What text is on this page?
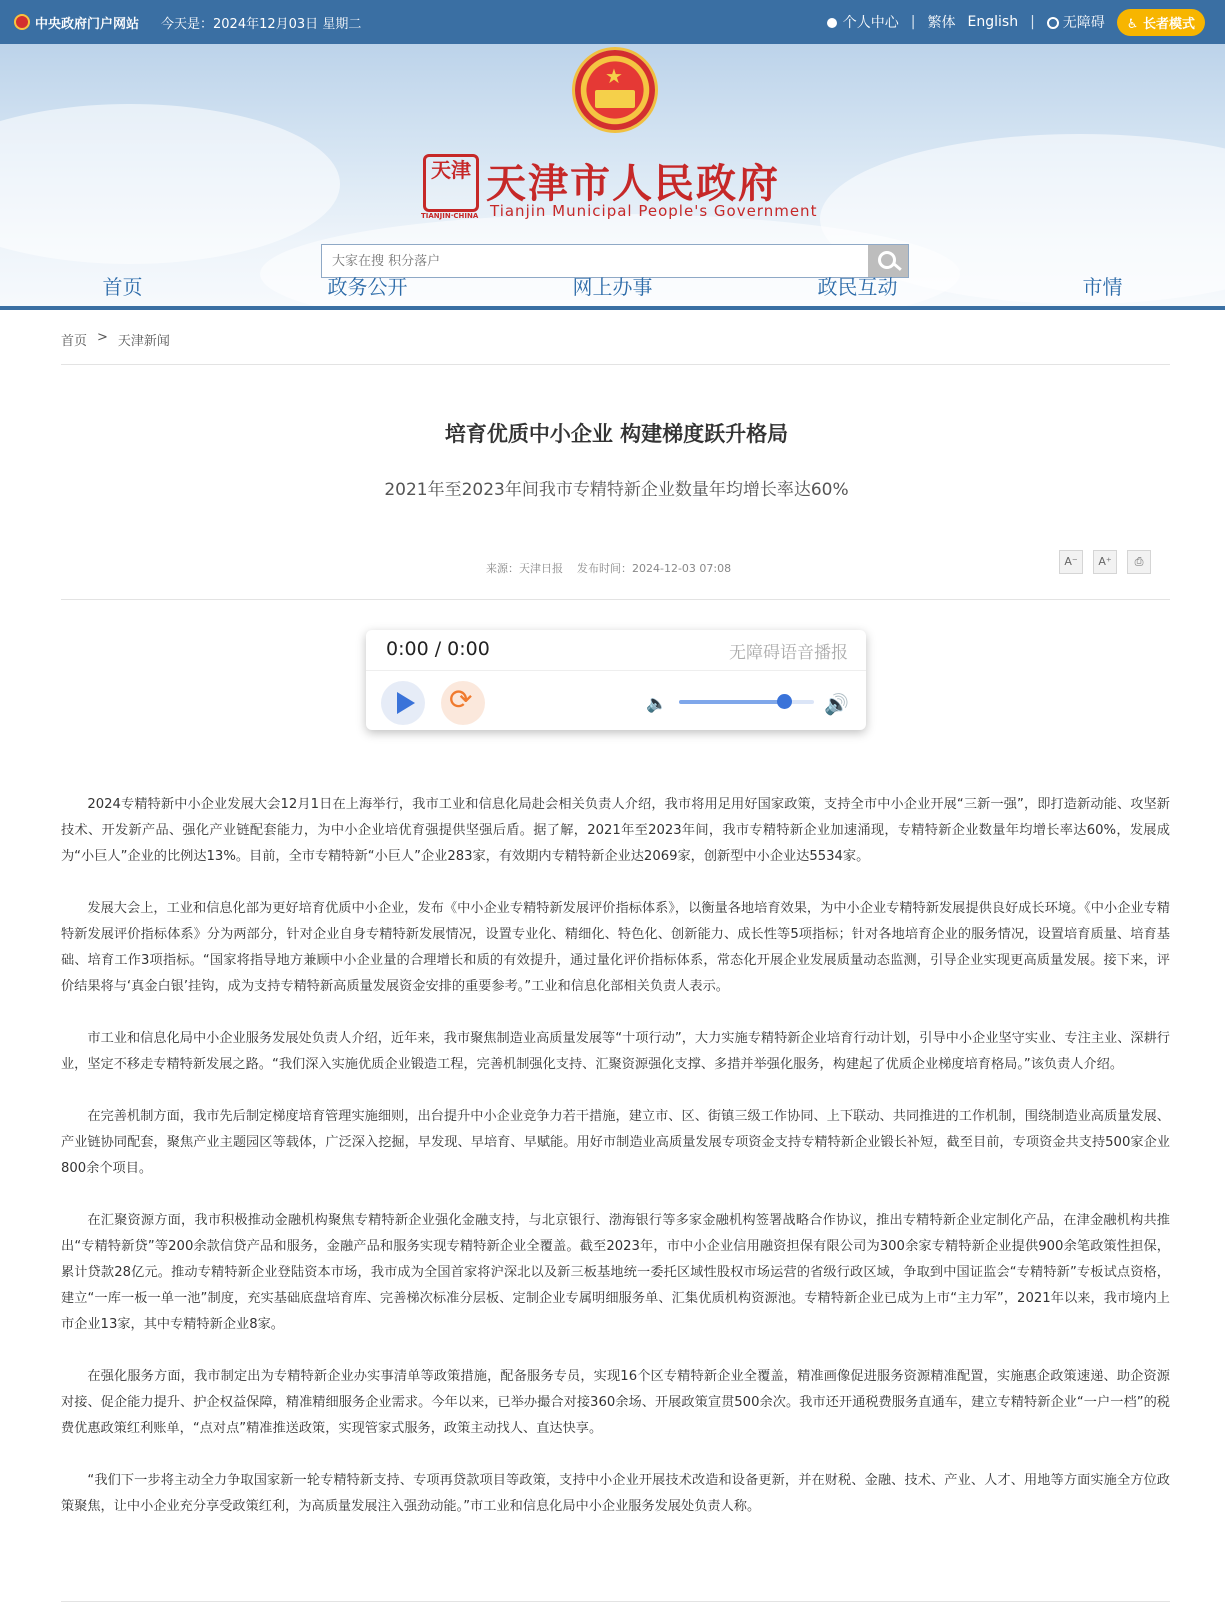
中央政府门户网站 今天是：2024年12月03日 星期二	个人中心 | 繁体 English |	无障碍	♿ 长者模式
★
天津
TIANJIN·CHINA
天津市人民政府
Tianjin Municipal People's Government
大家在搜 积分落户
首页	政务公开	网上办事	政民互动	市情
首页 > 天津新闻
培育优质中小企业 构建梯度跃升格局
2021年至2023年间我市专精特新企业数量年均增长率达60%
来源：天津日报 发布时间：2024-12-03 07:08
A⁻	A⁺	⎙
0:00 / 0:00	无障碍语音播报
⟳
🔈	🔊

2024专精特新中小企业发展大会12月1日在上海举行，我市工业和信息化局赴会相关负责人介绍，我市将用足用好国家政策，支持全市中小企业开展“三新一强”，即打造新动能、攻坚新技术、开发新产品、强化产业链配套能力，为中小企业培优育强提供坚强后盾。据了解，2021年至2023年间，我市专精特新企业加速涌现，专精特新企业数量年均增长率达60%，发展成为“小巨人”企业的比例达13%。目前，全市专精特新“小巨人”企业283家，有效期内专精特新企业达2069家，创新型中小企业达5534家。

发展大会上，工业和信息化部为更好培育优质中小企业，发布《中小企业专精特新发展评价指标体系》，以衡量各地培育效果，为中小企业专精特新发展提供良好成长环境。《中小企业专精特新发展评价指标体系》分为两部分，针对企业自身专精特新发展情况，设置专业化、精细化、特色化、创新能力、成长性等5项指标；针对各地培育企业的服务情况，设置培育质量、培育基础、培育工作3项指标。“国家将指导地方兼顾中小企业量的合理增长和质的有效提升，通过量化评价指标体系，常态化开展企业发展质量动态监测，引导企业实现更高质量发展。接下来，评价结果将与‘真金白银’挂钩，成为支持专精特新高质量发展资金安排的重要参考。”工业和信息化部相关负责人表示。

市工业和信息化局中小企业服务发展处负责人介绍，近年来，我市聚焦制造业高质量发展等“十项行动”，大力实施专精特新企业培育行动计划，引导中小企业坚守实业、专注主业、深耕行业，坚定不移走专精特新发展之路。“我们深入实施优质企业锻造工程，完善机制强化支持、汇聚资源强化支撑、多措并举强化服务，构建起了优质企业梯度培育格局。”该负责人介绍。

在完善机制方面，我市先后制定梯度培育管理实施细则，出台提升中小企业竞争力若干措施，建立市、区、街镇三级工作协同、上下联动、共同推进的工作机制，围绕制造业高质量发展、产业链协同配套，聚焦产业主题园区等载体，广泛深入挖掘，早发现、早培育、早赋能。用好市制造业高质量发展专项资金支持专精特新企业锻长补短，截至目前，专项资金共支持500家企业800余个项目。

在汇聚资源方面，我市积极推动金融机构聚焦专精特新企业强化金融支持，与北京银行、渤海银行等多家金融机构签署战略合作协议，推出专精特新企业定制化产品，在津金融机构共推出“专精特新贷”等200余款信贷产品和服务，金融产品和服务实现专精特新企业全覆盖。截至2023年，市中小企业信用融资担保有限公司为300余家专精特新企业提供900余笔政策性担保，累计贷款28亿元。推动专精特新企业登陆资本市场，我市成为全国首家将沪深北以及新三板基地统一委托区域性股权市场运营的省级行政区域，争取到中国证监会“专精特新”专板试点资格，建立“一库一板一单一池”制度，充实基础底盘培育库、完善梯次标准分层板、定制企业专属明细服务单、汇集优质机构资源池。专精特新企业已成为上市“主力军”，2021年以来，我市境内上市企业13家，其中专精特新企业8家。

在强化服务方面，我市制定出为专精特新企业办实事清单等政策措施，配备服务专员，实现16个区专精特新企业全覆盖，精准画像促进服务资源精准配置，实施惠企政策速递、助企资源对接、促企能力提升、护企权益保障，精准精细服务企业需求。今年以来，已举办撮合对接360余场、开展政策宣贯500余次。我市还开通税费服务直通车，建立专精特新企业“一户一档”的税费优惠政策红利账单，“点对点”精准推送政策，实现管家式服务，政策主动找人、直达快享。

“我们下一步将主动全力争取国家新一轮专精特新支持、专项再贷款项目等政策，支持中小企业开展技术改造和设备更新，并在财税、金融、技术、产业、人才、用地等方面实施全方位政策聚焦，让中小企业充分享受政策红利，为高质量发展注入强劲动能。”市工业和信息化局中小企业服务发展处负责人称。
